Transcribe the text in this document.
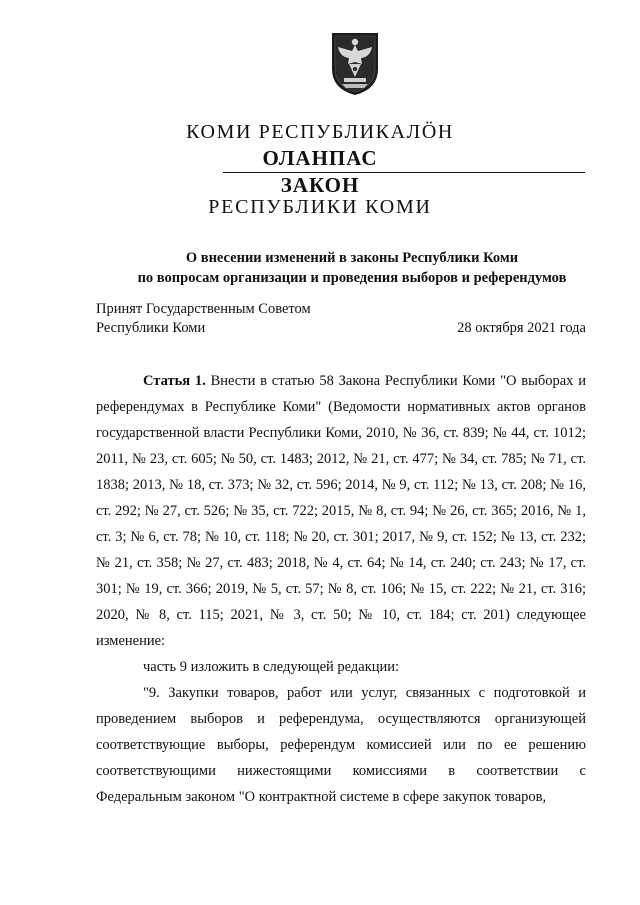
КОМИ РЕСПУБЛИКАЛӦН
ОЛАНПАС
ЗАКОН
РЕСПУБЛИКИ КОМИ
О внесении изменений в законы Республики Коми
по вопросам организации и проведения выборов и референдумов
Принят Государственным Советом
Республики Коми	28 октября 2021 года

Статья 1. Внести в статью 58 Закона Республики Коми "О выборах и референдумах в Республике Коми" (Ведомости нормативных актов органов государственной власти Республики Коми, 2010, № 36, ст. 839; № 44, ст. 1012; 2011, № 23, ст. 605; № 50, ст. 1483; 2012, № 21, ст. 477; № 34, ст. 785; № 71, ст. 1838; 2013, № 18, ст. 373; № 32, ст. 596; 2014, № 9, ст. 112; № 13, ст. 208; № 16, ст. 292; № 27, ст. 526; № 35, ст. 722; 2015, № 8, ст. 94; № 26, ст. 365; 2016, № 1, ст. 3; № 6, ст. 78; № 10, ст. 118; № 20, ст. 301; 2017, № 9, ст. 152; № 13, ст. 232; № 21, ст. 358; № 27, ст. 483; 2018, № 4, ст. 64; № 14, ст. 240; ст. 243; № 17, ст. 301; № 19, ст. 366; 2019, № 5, ст. 57; № 8, ст. 106; № 15, ст. 222; № 21, ст. 316; 2020, № 8, ст. 115; 2021, № 3, ст. 50; № 10, ст. 184; ст. 201) следующее изменение:

часть 9 изложить в следующей редакции:

"9. Закупки товаров, работ или услуг, связанных с подготовкой и проведением выборов и референдума, осуществляются организующей соответствующие выборы, референдум комиссией или по ее решению соответствующими нижестоящими комиссиями в соответствии с Федеральным законом "О контрактной системе в сфере закупок товаров,
